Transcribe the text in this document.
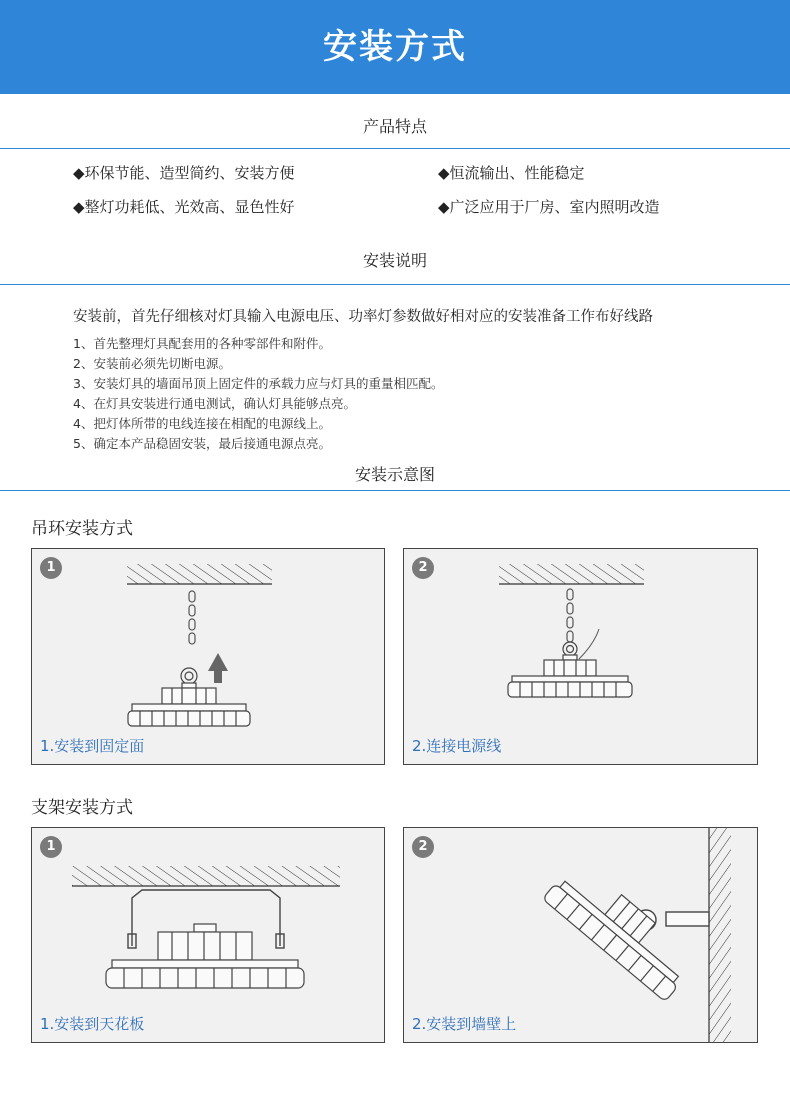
安装方式
产品特点
◆环保节能、造型简约、安装方便	◆恒流输出、性能稳定
◆整灯功耗低、光效高、显色性好	◆广泛应用于厂房、室内照明改造
安装说明
安装前，首先仔细核对灯具输入电源电压、功率灯参数做好相对应的安装准备工作布好线路
1、首先整理灯具配套用的各种零部件和附件。
2、安装前必须先切断电源。
3、安装灯具的墙面吊顶上固定件的承载力应与灯具的重量相匹配。
4、在灯具安装进行通电测试，确认灯具能够点亮。
4、把灯体所带的电线连接在相配的电源线上。
5、确定本产品稳固安装，最后接通电源点亮。
安装示意图
吊环安装方式
1
1.安装到固定面
2
2.连接电源线
支架安装方式
1
1.安装到天花板
2
2.安装到墙壁上
